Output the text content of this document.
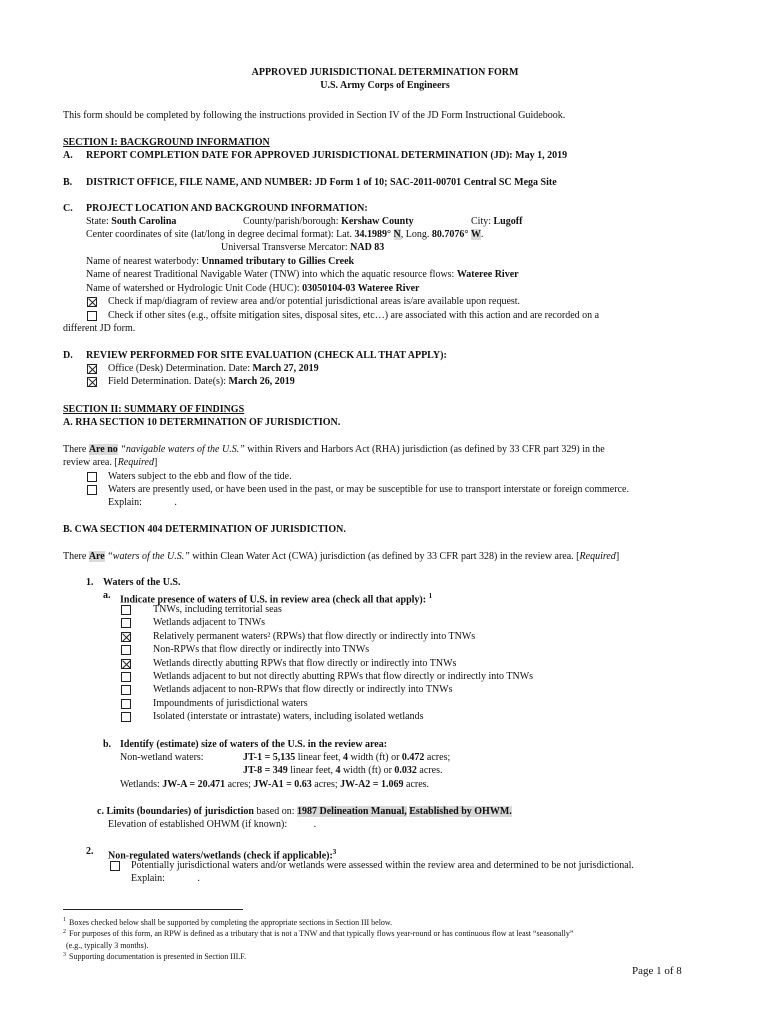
APPROVED JURISDICTIONAL DETERMINATION FORM
U.S. Army Corps of Engineers
This form should be completed by following the instructions provided in Section IV of the JD Form Instructional Guidebook.
SECTION I: BACKGROUND INFORMATION
A. REPORT COMPLETION DATE FOR APPROVED JURISDICTIONAL DETERMINATION (JD): May 1, 2019
B. DISTRICT OFFICE, FILE NAME, AND NUMBER: JD Form 1 of 10; SAC-2011-00701 Central SC Mega Site
C. PROJECT LOCATION AND BACKGROUND INFORMATION:
State: South Carolina	County/parish/borough: Kershaw County	City: Lugoff
Center coordinates of site (lat/long in degree decimal format): Lat. 34.1989° N, Long. 80.7076° W.
Universal Transverse Mercator: NAD 83
Name of nearest waterbody: Unnamed tributary to Gillies Creek
Name of nearest Traditional Navigable Water (TNW) into which the aquatic resource flows: Wateree River
Name of watershed or Hydrologic Unit Code (HUC): 03050104-03 Wateree River
Check if map/diagram of review area and/or potential jurisdictional areas is/are available upon request.
Check if other sites (e.g., offsite mitigation sites, disposal sites, etc…) are associated with this action and are recorded on a
different JD form.
D. REVIEW PERFORMED FOR SITE EVALUATION (CHECK ALL THAT APPLY):
Office (Desk) Determination. Date: March 27, 2019
Field Determination. Date(s): March 26, 2019
SECTION II: SUMMARY OF FINDINGS
A. RHA SECTION 10 DETERMINATION OF JURISDICTION.
There Are no “navigable waters of the U.S.” within Rivers and Harbors Act (RHA) jurisdiction (as defined by 33 CFR part 329) in the
review area. [Required]
Waters subject to the ebb and flow of the tide.
Waters are presently used, or have been used in the past, or may be susceptible for use to transport interstate or foreign commerce.
Explain:	.
B. CWA SECTION 404 DETERMINATION OF JURISDICTION.
There Are “waters of the U.S.” within Clean Water Act (CWA) jurisdiction (as defined by 33 CFR part 328) in the review area. [Required]
1. Waters of the U.S.
a. Indicate presence of waters of U.S. in review area (check all that apply): $^1$
TNWs, including territorial seas
Wetlands adjacent to TNWs
Relatively permanent waters² (RPWs) that flow directly or indirectly into TNWs
Non-RPWs that flow directly or indirectly into TNWs
Wetlands directly abutting RPWs that flow directly or indirectly into TNWs
Wetlands adjacent to but not directly abutting RPWs that flow directly or indirectly into TNWs
Wetlands adjacent to non-RPWs that flow directly or indirectly into TNWs
Impoundments of jurisdictional waters
Isolated (interstate or intrastate) waters, including isolated wetlands
b. Identify (estimate) size of waters of the U.S. in the review area:
Non-wetland waters:	JT-1 = 5,135 linear feet, 4 width (ft) or 0.472 acres;
JT-8 = 349 linear feet, 4 width (ft) or 0.032 acres.
Wetlands: JW-A = 20.471 acres; JW-A1 = 0.63 acres; JW-A2 = 1.069 acres.
c. Limits (boundaries) of jurisdiction based on: 1987 Delineation Manual, Established by OHWM.
Elevation of established OHWM (if known):	.
2. Non-regulated waters/wetlands (check if applicable):$^3$
Potentially jurisdictional waters and/or wetlands were assessed within the review area and determined to be not jurisdictional.
Explain:	.
$^1$ Boxes checked below shall be supported by completing the appropriate sections in Section III below.
$^2$ For purposes of this form, an RPW is defined as a tributary that is not a TNW and that typically flows year-round or has continuous flow at least “seasonally”
(e.g., typically 3 months).
$^3$ Supporting documentation is presented in Section III.F.
Page 1 of 8
